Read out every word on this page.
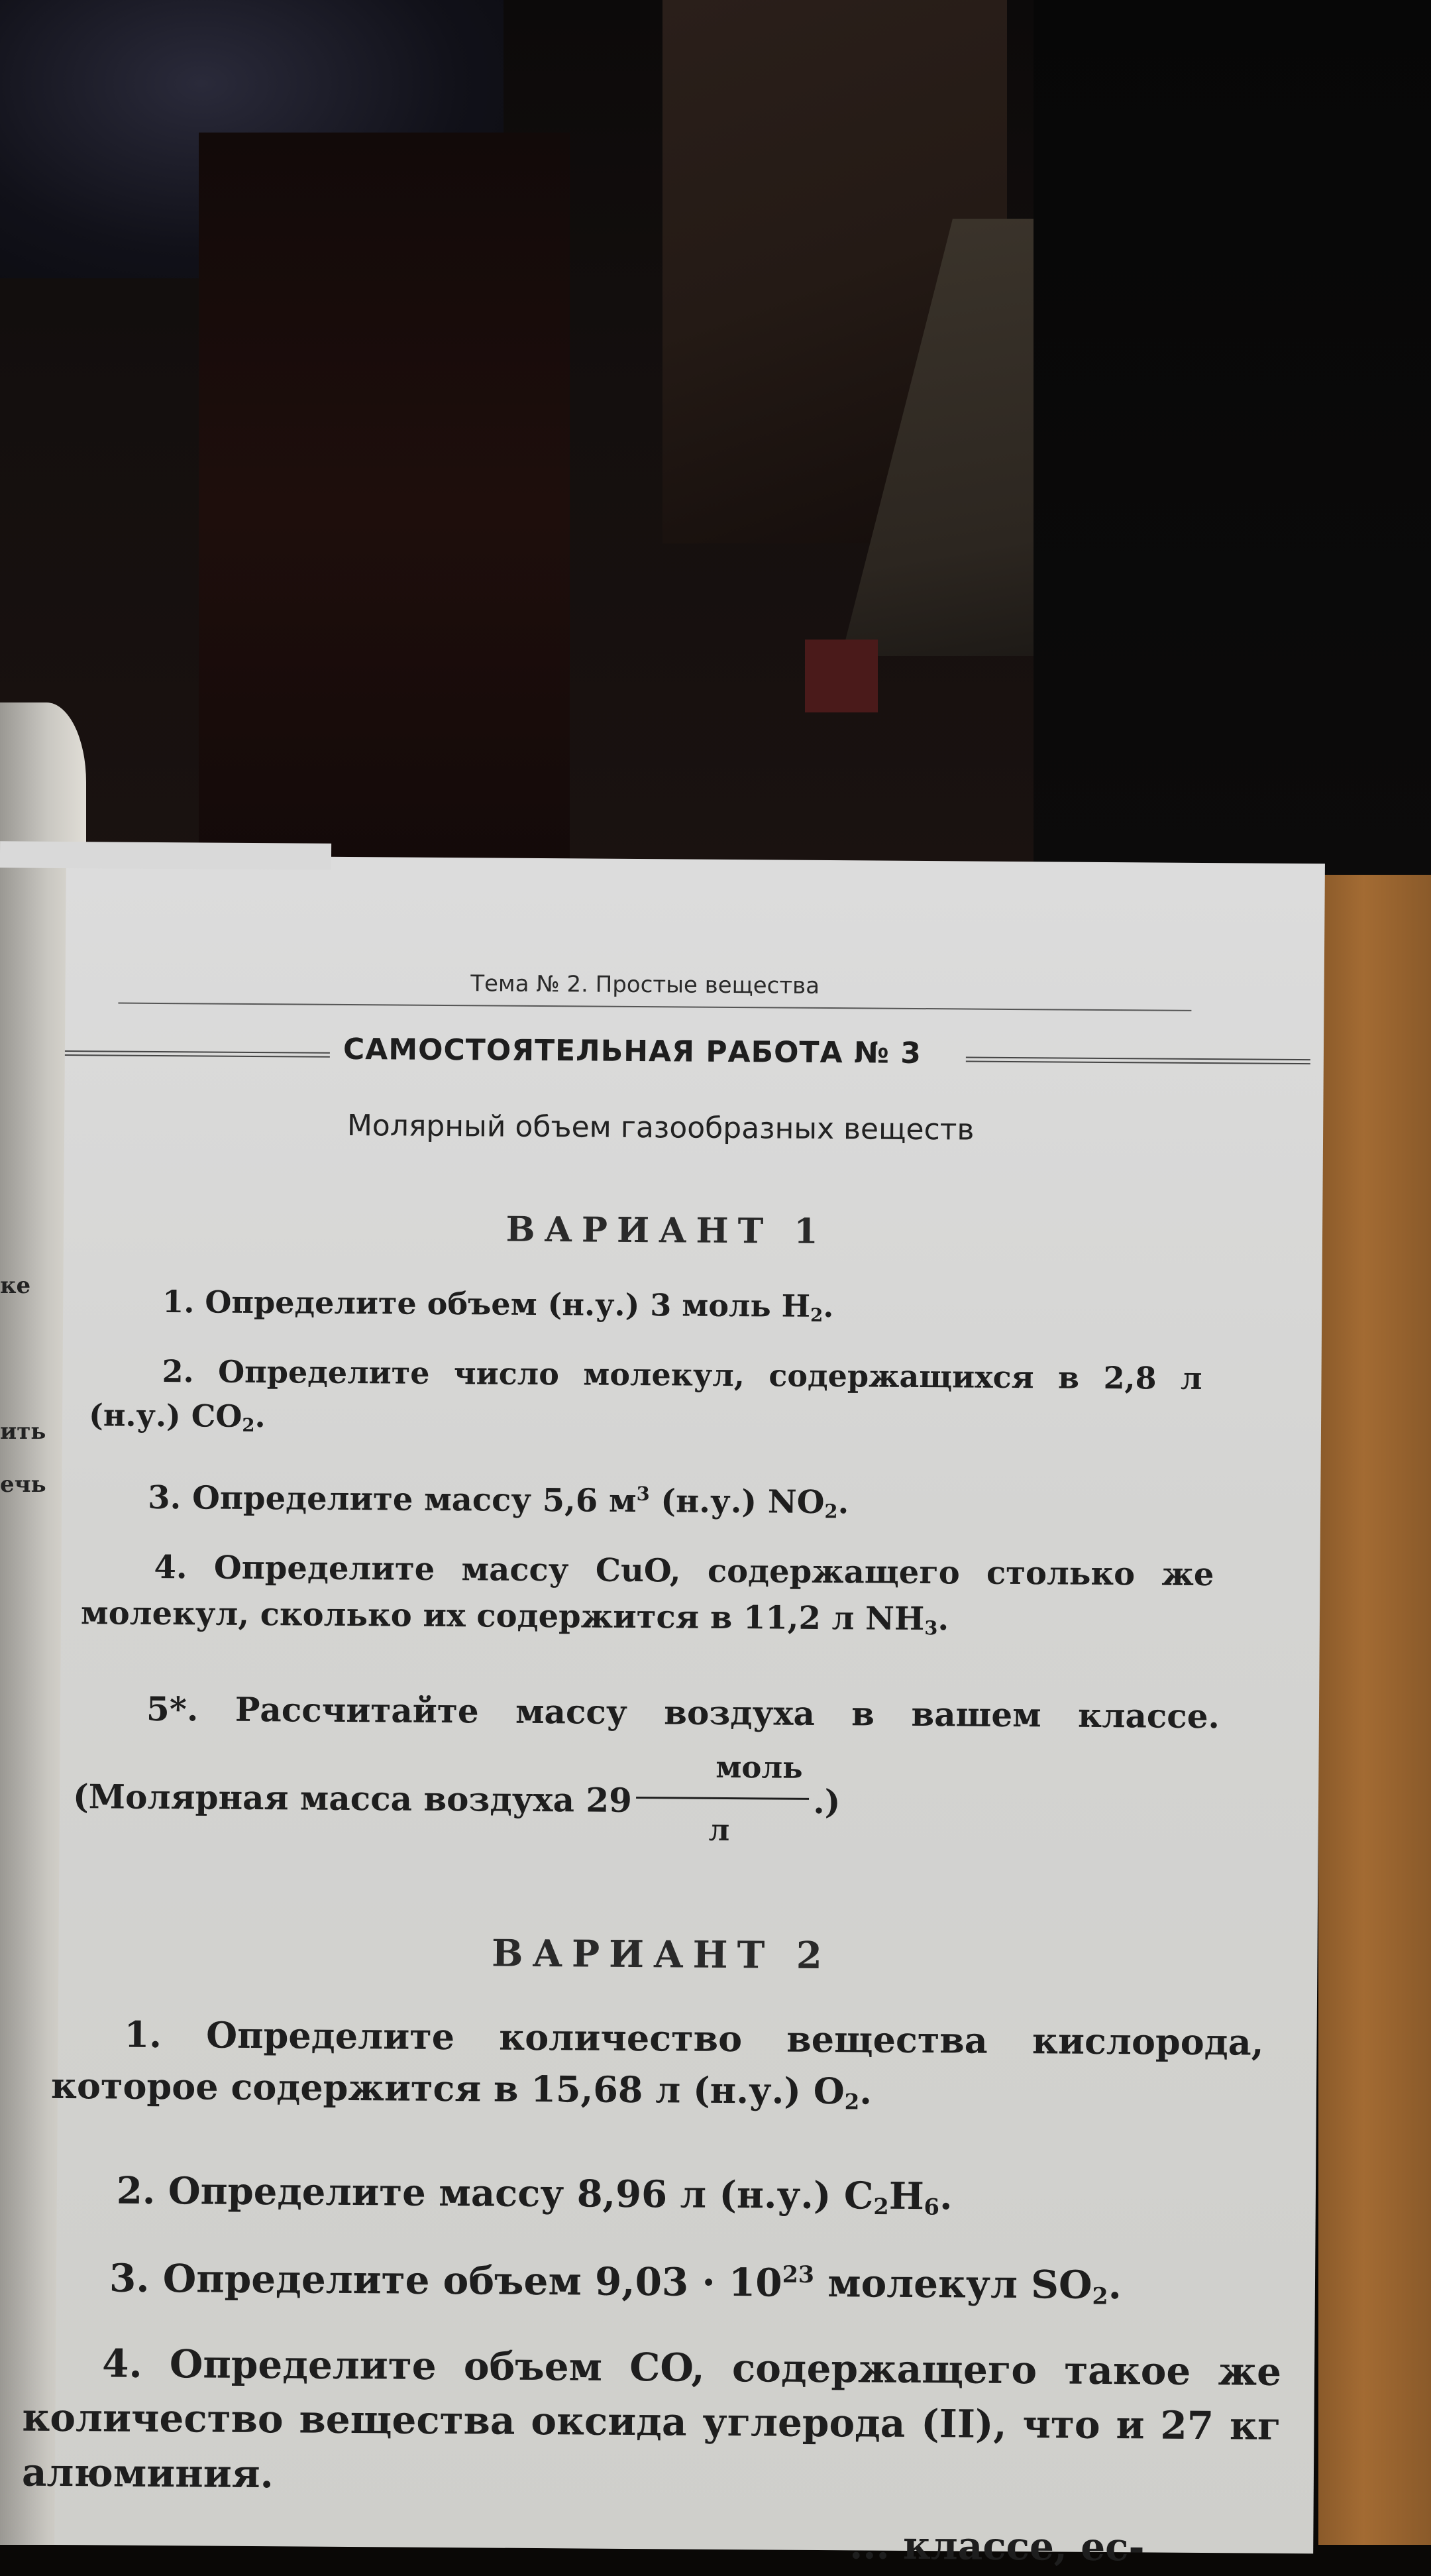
ке
ить
ечь
Тема № 2. Простые вещества
САМОСТОЯТЕЛЬНАЯ РАБОТА № 3
Молярный объем газообразных веществ
ВАРИАНТ 1
1. Определите объем (н.у.) 3 моль $H_2$.
2. Определите число молекул, содержащихся в 2,8 л (н.у.) $CO_2$.
3. Определите массу 5,6 $м^3$ (н.у.) $NO_2$.
4. Определите массу CuO, содержащего столько же молекул, сколько их содержится в 11,2 л $NH_3$.
5*. Рассчитайте массу воздуха в вашем классе. (Молярная масса воздуха $29 \frac{\text{моль}}{л}$ .)
ВАРИАНТ 2
1. Определите количество вещества кислорода, которое содержится в 15,68 л (н.у.) $O_2$.
2. Определите массу 8,96 л (н.у.) $C_2H_6$.
3. Определите объем $9,03 \cdot 10^{23}$ молекул $SO_2$.
4. Определите объем CO, содержащего такое же количество вещества оксида углерода (II), что и 27 кг алюминия.
... классе, ес-
